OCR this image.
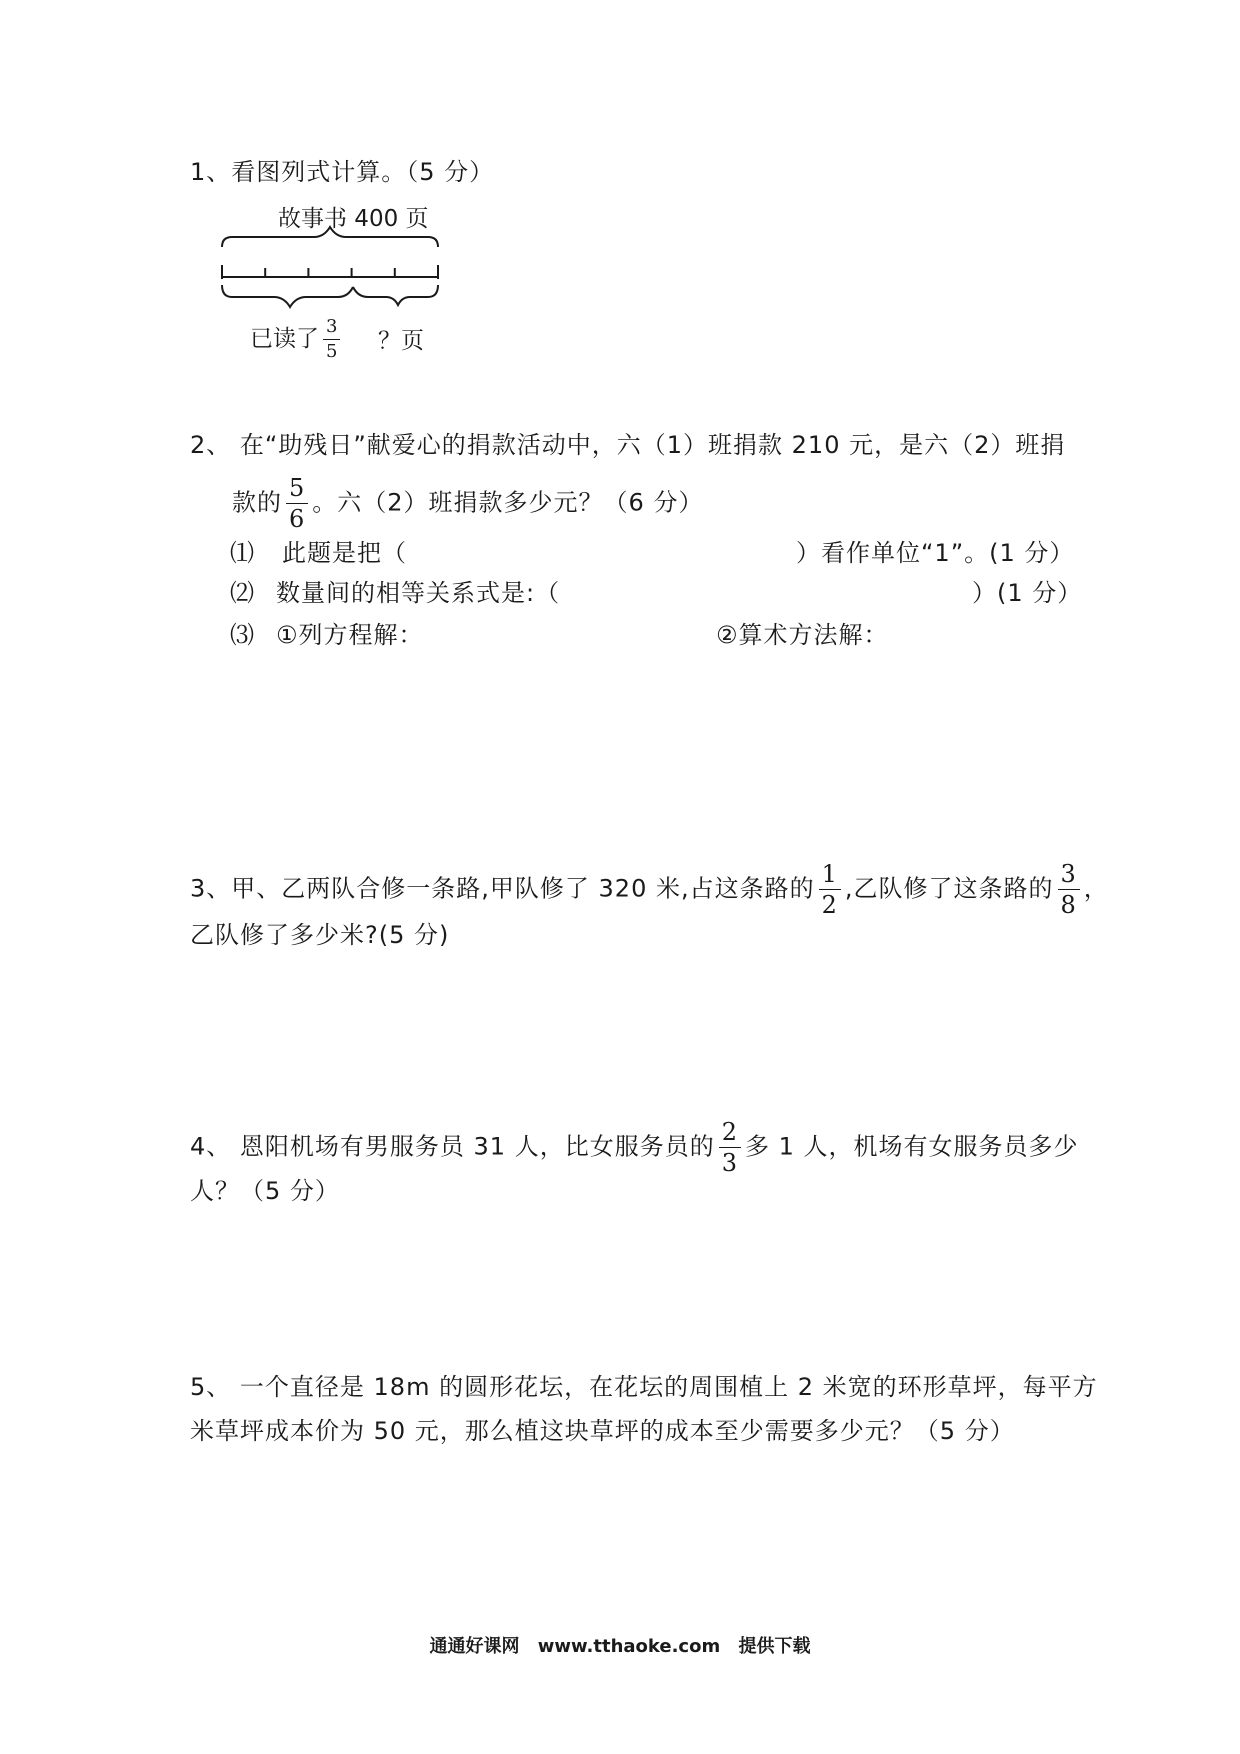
1、看图列式计算。（5 分）
故事书 400 页
已读了 $\frac{3}{5}$ ？页
2、 在“助残日”献爱心的捐款活动中，六（1）班捐款 210 元，是六（2）班捐
款的 $\frac{5}{6}$ 。六（2）班捐款多少元？（6 分）
⑴ 此题是把（	）看作单位“1”。(1 分）
⑵ 数量间的相等关系式是:（	）(1 分）
⑶ ①列方程解：	②算术方法解：
3、甲、乙两队合修一条路,甲队修了 320 米,占这条路的 $\frac{1}{2}$ ,乙队修了这条路的 $\frac{3}{8}$ ，
乙队修了多少米?(5 分)
4、 恩阳机场有男服务员 31 人，比女服务员的 $\frac{2}{3}$ 多 1 人，机场有女服务员多少
人？（5 分）
5、 一个直径是 18m 的圆形花坛，在花坛的周围植上 2 米宽的环形草坪，每平方
米草坪成本价为 50 元，那么植这块草坪的成本至少需要多少元？（5 分）
通通好课网 www.tthaoke.com 提供下载
